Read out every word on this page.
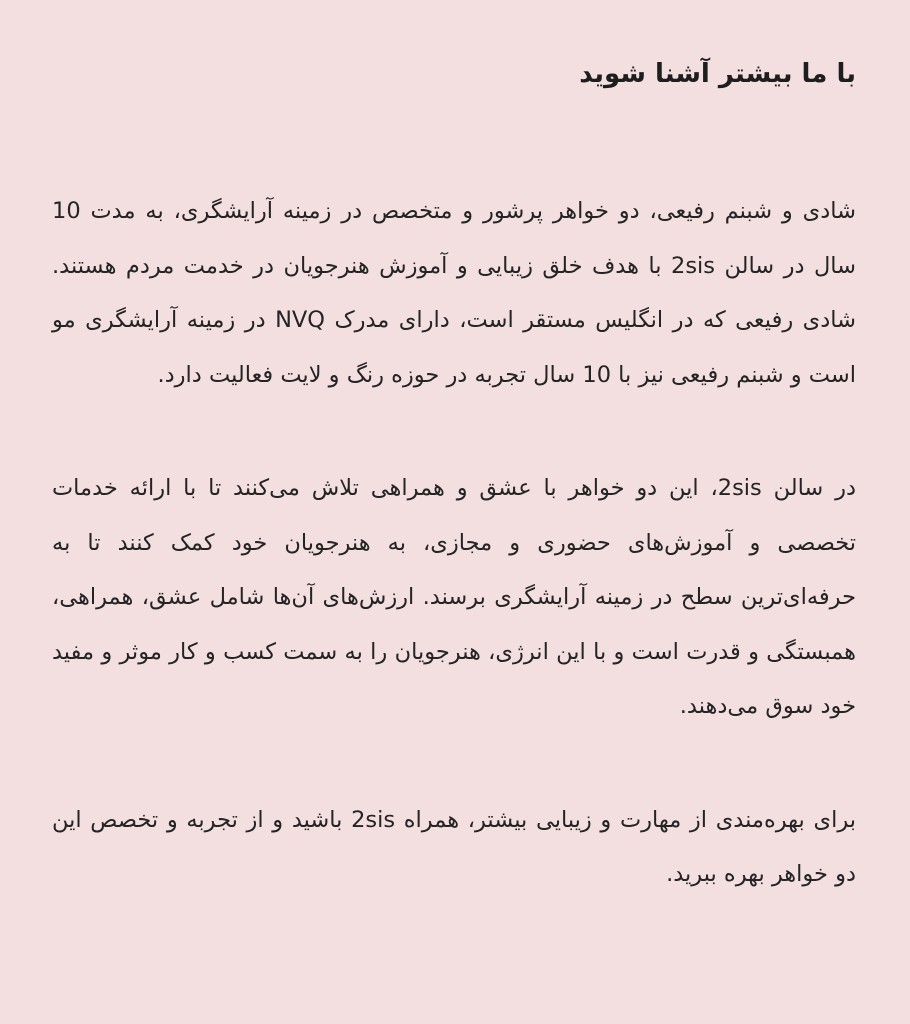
با ما بیشتر آشنا شوید

شادی و شبنم رفیعی، دو خواهر پرشور و متخصص در زمینه آرایشگری، به مدت 10 سال در سالن 2sis با هدف خلق زیبایی و آموزش هنرجویان در خدمت مردم هستند. شادی رفیعی که در انگلیس مستقر است، دارای مدرک NVQ در زمینه آرایشگری مو است و شبنم رفیعی نیز با 10 سال تجربه در حوزه رنگ و لایت فعالیت دارد.

در سالن 2sis، این دو خواهر با عشق و همراهی تلاش می‌کنند تا با ارائه خدمات تخصصی و آموزش‌های حضوری و مجازی، به هنرجویان خود کمک کنند تا به حرفه‌ای‌ترین سطح در زمینه آرایشگری برسند. ارزش‌های آن‌ها شامل عشق، همراهی، همبستگی و قدرت است و با این انرژی، هنرجویان را به سمت کسب و کار موثر و مفید خود سوق می‌دهند.

برای بهره‌مندی از مهارت و زیبایی بیشتر، همراه 2sis باشید و از تجربه و تخصص این دو خواهر بهره ببرید.
